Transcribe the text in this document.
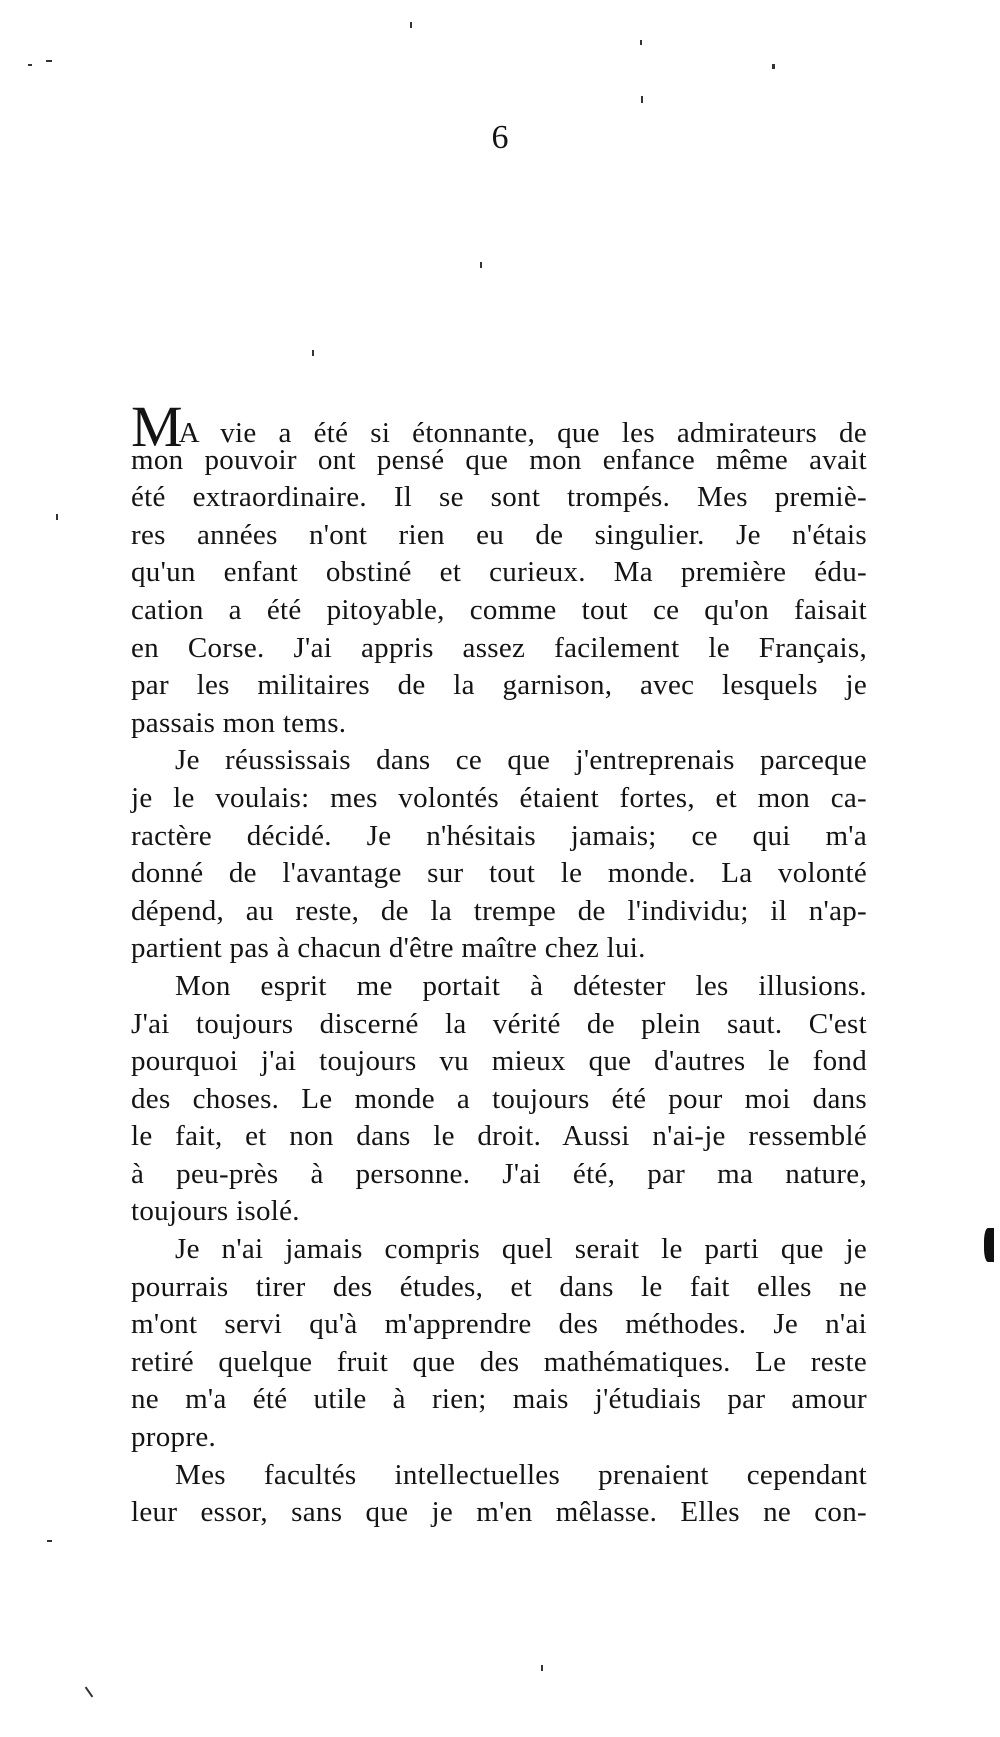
6
MA vie a été si étonnante, que les admirateurs de
mon pouvoir ont pensé que mon enfance même avait
été extraordinaire. Il se sont trompés. Mes premiè-
res années n'ont rien eu de singulier. Je n'étais
qu'un enfant obstiné et curieux. Ma première édu-
cation a été pitoyable, comme tout ce qu'on faisait
en Corse. J'ai appris assez facilement le Français,
par les militaires de la garnison, avec lesquels je
passais mon tems.
Je réussissais dans ce que j'entreprenais parceque
je le voulais: mes volontés étaient fortes, et mon ca-
ractère décidé. Je n'hésitais jamais; ce qui m'a
donné de l'avantage sur tout le monde. La volonté
dépend, au reste, de la trempe de l'individu; il n'ap-
partient pas à chacun d'être maître chez lui.
Mon esprit me portait à détester les illusions.
J'ai toujours discerné la vérité de plein saut. C'est
pourquoi j'ai toujours vu mieux que d'autres le fond
des choses. Le monde a toujours été pour moi dans
le fait, et non dans le droit. Aussi n'ai-je ressemblé
à peu-près à personne. J'ai été, par ma nature,
toujours isolé.
Je n'ai jamais compris quel serait le parti que je
pourrais tirer des études, et dans le fait elles ne
m'ont servi qu'à m'apprendre des méthodes. Je n'ai
retiré quelque fruit que des mathématiques. Le reste
ne m'a été utile à rien; mais j'étudiais par amour
propre.
Mes facultés intellectuelles prenaient cependant
leur essor, sans que je m'en mêlasse. Elles ne con-
